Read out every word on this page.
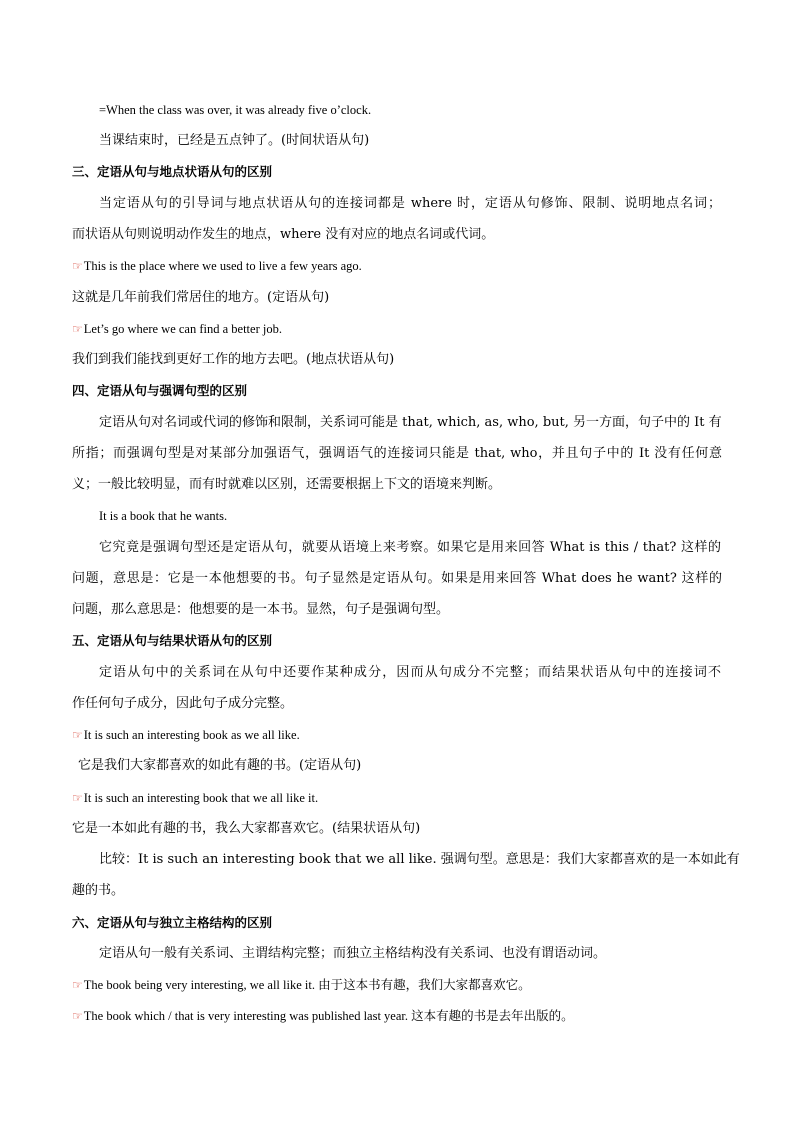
=When the class was over, it was already five o’clock.
当课结束时，已经是五点钟了。(时间状语从句)
三、定语从句与地点状语从句的区别
当定语从句的引导词与地点状语从句的连接词都是 where 时，定语从句修饰、限制、说明地点名词；
而状语从句则说明动作发生的地点，where 没有对应的地点名词或代词。
☞This is the place where we used to live a few years ago.
这就是几年前我们常居住的地方。(定语从句)
☞Let’s go where we can find a better job.
我们到我们能找到更好工作的地方去吧。(地点状语从句)
四、定语从句与强调句型的区别
定语从句对名词或代词的修饰和限制，关系词可能是 that, which, as, who, but, 另一方面，句子中的 It 有
所指；而强调句型是对某部分加强语气，强调语气的连接词只能是 that, who，并且句子中的 It 没有任何意
义；一般比较明显，而有时就难以区别，还需要根据上下文的语境来判断。
It is a book that he wants.
它究竟是强调句型还是定语从句，就要从语境上来考察。如果它是用来回答 What is this / that? 这样的
问题，意思是：它是一本他想要的书。句子显然是定语从句。如果是用来回答 What does he want? 这样的
问题，那么意思是：他想要的是一本书。显然，句子是强调句型。
五、定语从句与结果状语从句的区别
定语从句中的关系词在从句中还要作某种成分，因而从句成分不完整；而结果状语从句中的连接词不
作任何句子成分，因此句子成分完整。
☞It is such an interesting book as we all like.
它是我们大家都喜欢的如此有趣的书。(定语从句)
☞It is such an interesting book that we all like it.
它是一本如此有趣的书，我么大家都喜欢它。(结果状语从句)
比较：It is such an interesting book that we all like. 强调句型。意思是：我们大家都喜欢的是一本如此有
趣的书。
六、定语从句与独立主格结构的区别
定语从句一般有关系词、主谓结构完整；而独立主格结构没有关系词、也没有谓语动词。
☞The book being very interesting, we all like it. 由于这本书有趣，我们大家都喜欢它。
☞The book which / that is very interesting was published last year. 这本有趣的书是去年出版的。
